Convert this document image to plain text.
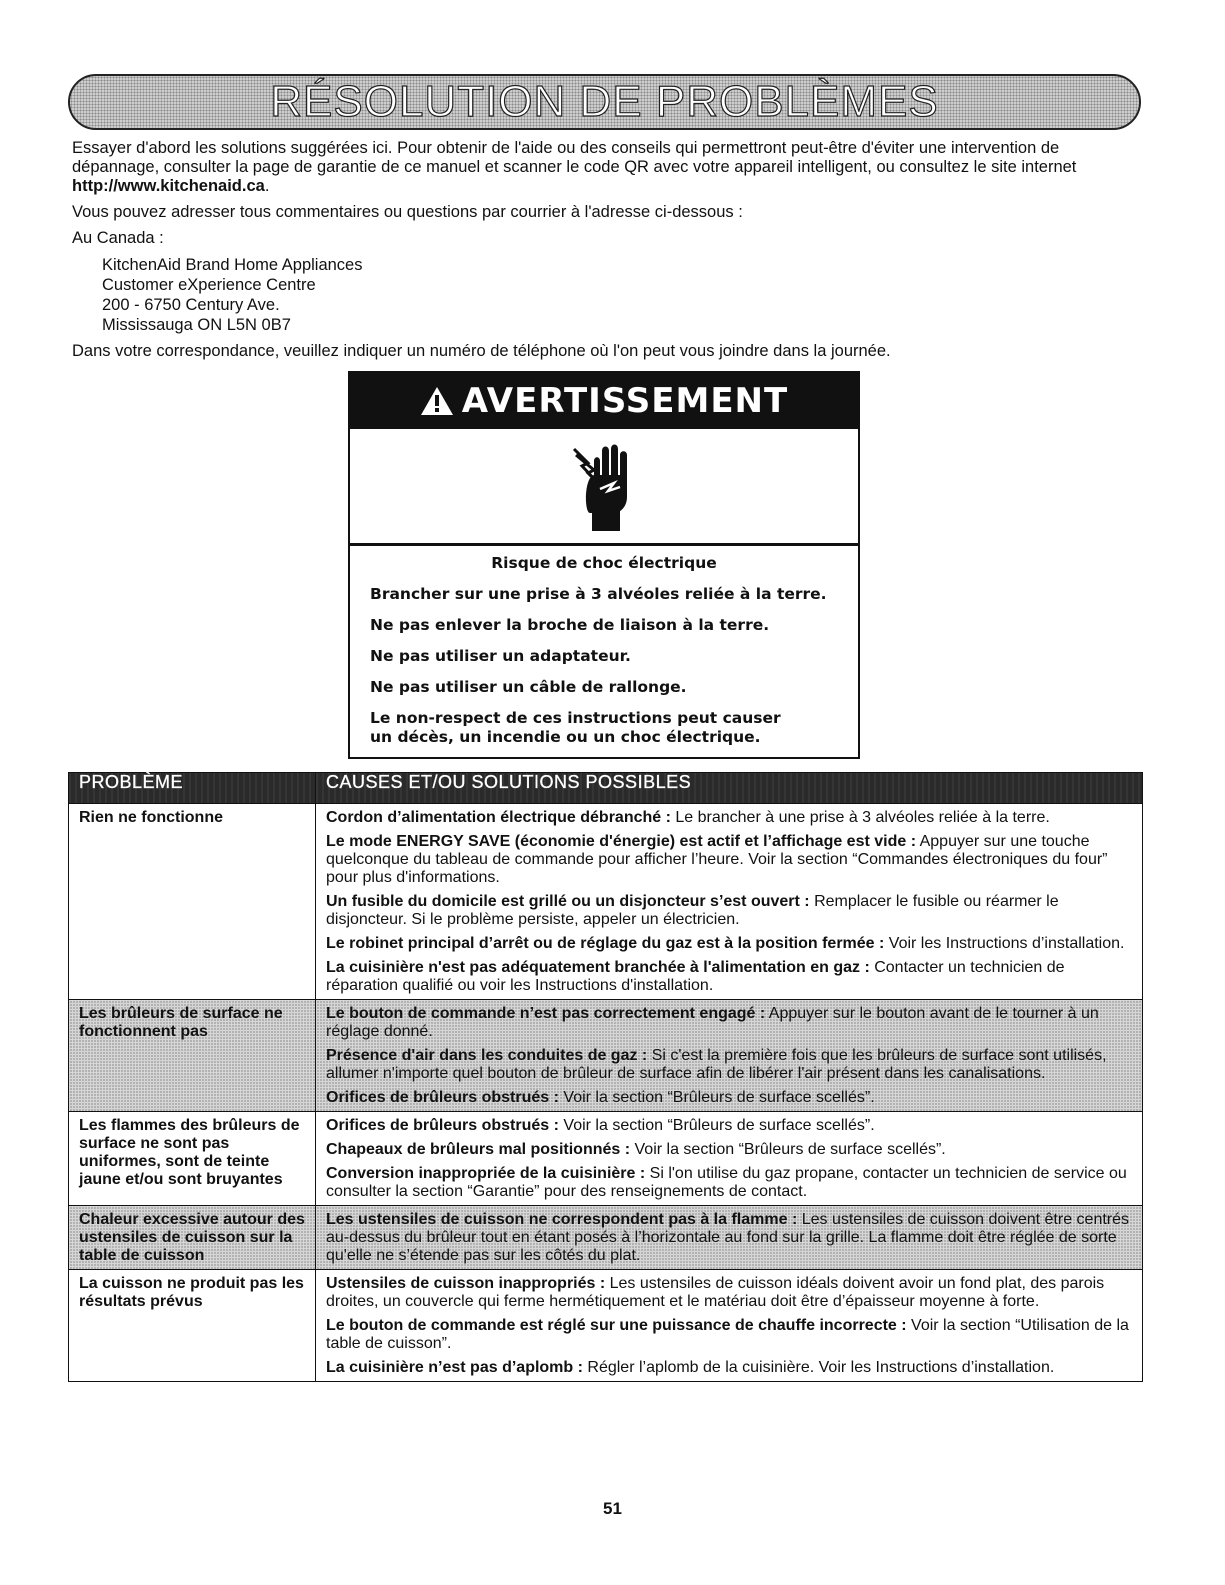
RÉSOLUTION DE PROBLÈMES

Essayer d'abord les solutions suggérées ici. Pour obtenir de l'aide ou des conseils qui permettront peut-être d'éviter une intervention de dépannage, consulter la page de garantie de ce manuel et scanner le code QR avec votre appareil intelligent, ou consultez le site internet http://www.kitchenaid.ca.

Vous pouvez adresser tous commentaires ou questions par courrier à l'adresse ci-dessous :

Au Canada :

KitchenAid Brand Home Appliances
Customer eXperience Centre
200 - 6750 Century Ave.
Mississauga ON L5N 0B7

Dans votre correspondance, veuillez indiquer un numéro de téléphone où l'on peut vous joindre dans la journée.

AVERTISSEMENT

Risque de choc électrique

Brancher sur une prise à 3 alvéoles reliée à la terre.

Ne pas enlever la broche de liaison à la terre.

Ne pas utiliser un adaptateur.

Ne pas utiliser un câble de rallonge.

Le non-respect de ces instructions peut causer
un décès, un incendie ou un choc électrique.

PROBLÈME	CAUSES ET/OU SOLUTIONS POSSIBLES
Rien ne fonctionne	Cordon d’alimentation électrique débranché : Le brancher à une prise à 3 alvéoles reliée à la terre.

Le mode ENERGY SAVE (économie d'énergie) est actif et l’affichage est vide : Appuyer sur une touche quelconque du tableau de commande pour afficher l’heure. Voir la section “Commandes électroniques du four” pour plus d'informations.

Un fusible du domicile est grillé ou un disjoncteur s’est ouvert : Remplacer le fusible ou réarmer le disjoncteur. Si le problème persiste, appeler un électricien.

Le robinet principal d’arrêt ou de réglage du gaz est à la position fermée : Voir les Instructions d’installation.

La cuisinière n'est pas adéquatement branchée à l'alimentation en gaz : Contacter un technicien de réparation qualifié ou voir les Instructions d'installation.

Les brûleurs de surface ne fonctionnent pas	Le bouton de commande n’est pas correctement engagé : Appuyer sur le bouton avant de le tourner à un réglage donné.

Présence d'air dans les conduites de gaz : Si c'est la première fois que les brûleurs de surface sont utilisés, allumer n'importe quel bouton de brûleur de surface afin de libérer l'air présent dans les canalisations.

Orifices de brûleurs obstrués : Voir la section “Brûleurs de surface scellés”.

Les flammes des brûleurs de surface ne sont pas uniformes, sont de teinte jaune et/ou sont bruyantes	Orifices de brûleurs obstrués : Voir la section “Brûleurs de surface scellés”.

Chapeaux de brûleurs mal positionnés : Voir la section “Brûleurs de surface scellés”.

Conversion inappropriée de la cuisinière : Si l'on utilise du gaz propane, contacter un technicien de service ou consulter la section “Garantie” pour des renseignements de contact.

Chaleur excessive autour des ustensiles de cuisson sur la table de cuisson	Les ustensiles de cuisson ne correspondent pas à la flamme : Les ustensiles de cuisson doivent être centrés au-dessus du brûleur tout en étant posés à l’horizontale au fond sur la grille. La flamme doit être réglée de sorte qu'elle ne s’étende pas sur les côtés du plat.

La cuisson ne produit pas les résultats prévus	Ustensiles de cuisson inappropriés : Les ustensiles de cuisson idéals doivent avoir un fond plat, des parois droites, un couvercle qui ferme hermétiquement et le matériau doit être d’épaisseur moyenne à forte.

Le bouton de commande est réglé sur une puissance de chauffe incorrecte : Voir la section “Utilisation de la table de cuisson”.

La cuisinière n’est pas d’aplomb : Régler l’aplomb de la cuisinière. Voir les Instructions d’installation.

51
